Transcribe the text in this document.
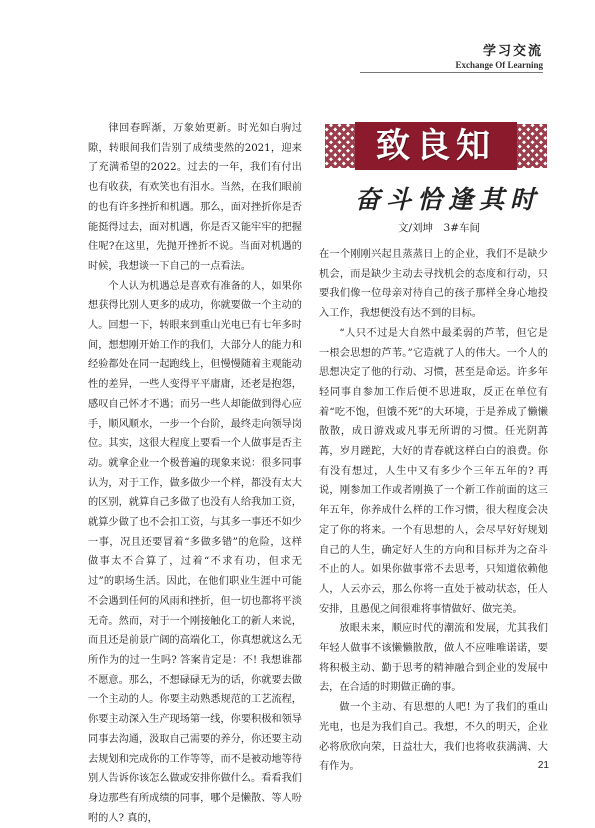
学习交流
Exchange Of Learning
致良知
奋斗恰逢其时
文/刘坤　3#车间

律回春晖渐，万象始更新。时光如白驹过隙，转眼间我们告别了成绩斐然的2021，迎来了充满希望的2022。过去的一年，我们有付出也有收获，有欢笑也有泪水。当然，在我们眼前的也有许多挫折和机遇。那么，面对挫折你是否能挺得过去，面对机遇，你是否又能牢牢的把握住呢?在这里，先抛开挫折不说。当面对机遇的时候，我想谈一下自己的一点看法。

个人认为机遇总是喜欢有准备的人，如果你想获得比别人更多的成功，你就要做一个主动的人。回想一下，转眼来到重山光电已有七年多时间，想想刚开始工作的我们，大部分人的能力和经验都处在同一起跑线上，但慢慢随着主观能动性的差异，一些人变得平平庸庸，还老是抱怨，感叹自己怀才不遇；而另一些人却能做到得心应手，顺风顺水，一步一个台阶，最终走向领导岗位。其实，这很大程度上要看一个人做事是否主动。就拿企业一个极普遍的现象来说：很多同事认为，对于工作，做多做少一个样，都没有太大的区别，就算自己多做了也没有人给我加工资，就算少做了也不会扣工资，与其多一事还不如少一事，况且还要冒着“多做多错”的危险，这样做事太不合算了，过着“不求有功，但求无过”的职场生活。因此，在他们职业生涯中可能不会遇到任何的风雨和挫折，但一切也都将平淡无奇。然而，对于一个刚接触化工的新人来说，而且还是前景广阔的高端化工，你真想就这么无所作为的过一生吗? 答案肯定是：不! 我想谁都不愿意。那么，不想碌碌无为的话，你就要去做一个主动的人。你要主动熟悉规范的工艺流程，你要主动深入生产现场第一线，你要积极和领导同事去沟通，汲取自己需要的养分，你还要主动去规划和完成你的工作等等，而不是被动地等待别人告诉你该怎么做或安排你做什么。看看我们身边那些有所成绩的同事，哪个是懒散、等人吩咐的人? 真的，

在一个刚刚兴起且蒸蒸日上的企业，我们不是缺少机会，而是缺少主动去寻找机会的态度和行动，只要我们像一位母亲对待自己的孩子那样全身心地投入工作，我想便没有达不到的目标。

“人只不过是大自然中最柔弱的芦苇，但它是一根会思想的芦苇。”它造就了人的伟大。一个人的思想决定了他的行动、习惯，甚至是命运。许多年轻同事自参加工作后便不思进取，反正在单位有着“吃不饱，但饿不死”的大环境，于是养成了懒懒散散，成日游戏或凡事无所谓的习惯。任光阴苒苒，岁月蹉跎，大好的青春就这样白白的浪费。你有没有想过，人生中又有多少个三年五年的? 再说，刚参加工作或者刚换了一个新工作前面的这三年五年，你养成什么样的工作习惯，很大程度会决定了你的将来。一个有思想的人，会尽早好好规划自己的人生，确定好人生的方向和目标并为之奋斗不止的人。如果你做事常不去思考，只知道依赖他人，人云亦云，那么你将一直处于被动状态，任人安排，且愚伣之间很难将事情做好、做完美。

放眼未来，顺应时代的潮流和发展，尤其我们年轻人做事不该懒懒散散，做人不应唯唯诺诺，要将积极主动、勤于思考的精神融合到企业的发展中去，在合适的时期做正确的事。

做一个主动、有思想的人吧! 为了我们的重山光电，也是为我们自己。我想，不久的明天，企业必将欣欣向荣，日益壮大，我们也将收获满满、大有作为。	21
